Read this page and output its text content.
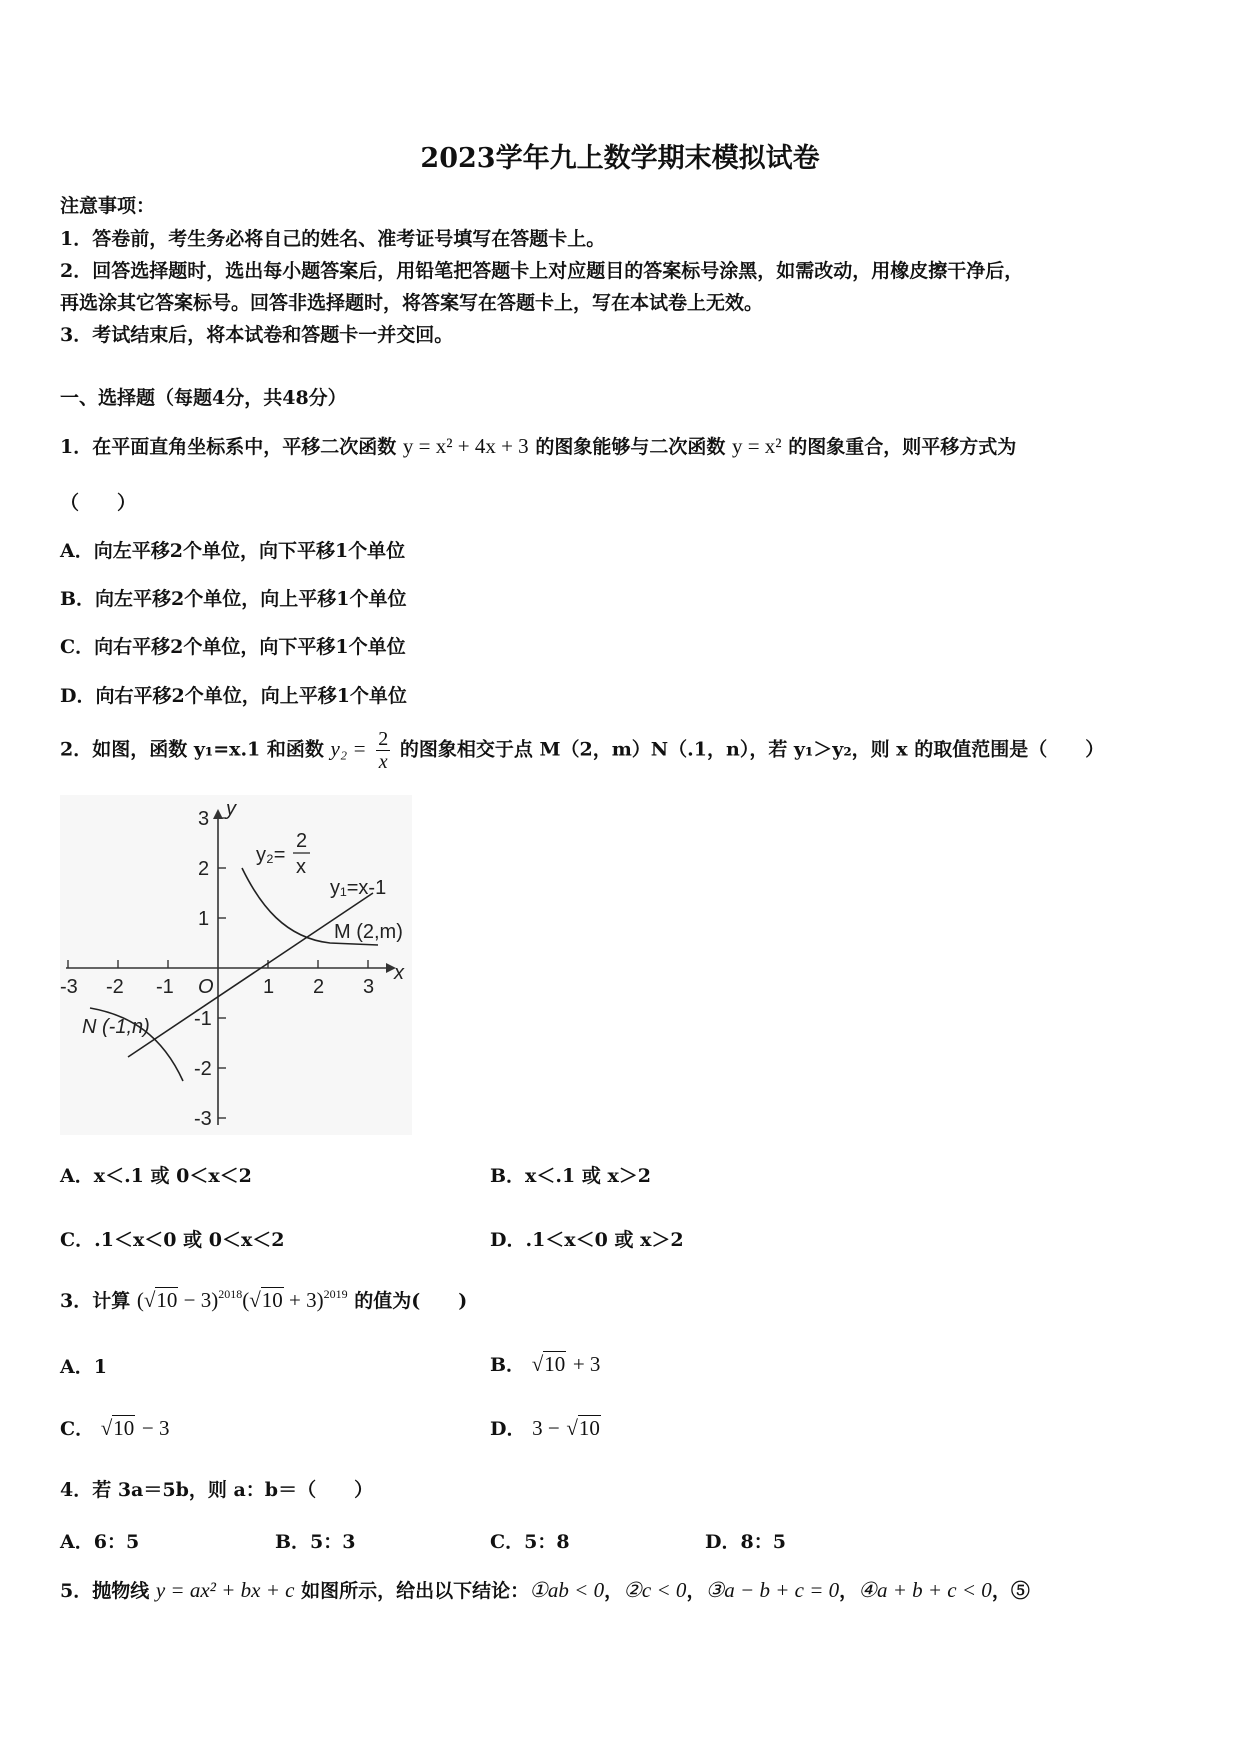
2023学年九上数学期末模拟试卷
注意事项：
1．答卷前，考生务必将自己的姓名、准考证号填写在答题卡上。
2．回答选择题时，选出每小题答案后，用铅笔把答题卡上对应题目的答案标号涂黑，如需改动，用橡皮擦干净后，
再选涂其它答案标号。回答非选择题时，将答案写在答题卡上，写在本试卷上无效。
3．考试结束后，将本试卷和答题卡一并交回。
一、选择题（每题4分，共48分）
1．在平面直角坐标系中，平移二次函数 y = x² + 4x + 3 的图象能够与二次函数 y = x² 的图象重合，则平移方式为
（　　）
A．向左平移2个单位，向下平移1个单位
B．向左平移2个单位，向上平移1个单位
C．向右平移2个单位，向下平移1个单位
D．向右平移2个单位，向上平移1个单位
2．如图，函数 y₁=x.1 和函数 $y_2 = \frac{2}{x}$ 的图象相交于点 M（2，m）N（.1，n），若 y₁＞y₂，则 x 的取值范围是（　　）
-3 -2 -1	1 2 3
3
2
1
-1
-2
-3
O
x
y
y₂=
2
x
y₁=x-1
M (2,m)
N (-1,n)
A．x＜.1 或 0＜x＜2	B．x＜.1 或 x＞2
C．.1＜x＜0 或 0＜x＜2	D．.1＜x＜0 或 x＞2
3．计算 $(√10 - 3)^{2018}(√10 + 3)^{2019}$ 的值为(　　)
A．1	B． √10 + 3
C． √10 − 3	D． 3 − √10
4．若 3a＝5b，则 a：b＝（　　）
A．6：5	B．5：3	C．5：8	D．8：5
5．抛物线 y = ax² + bx + c 如图所示，给出以下结论：①ab < 0，②c < 0，③a − b + c = 0，④a + b + c < 0，⑤
